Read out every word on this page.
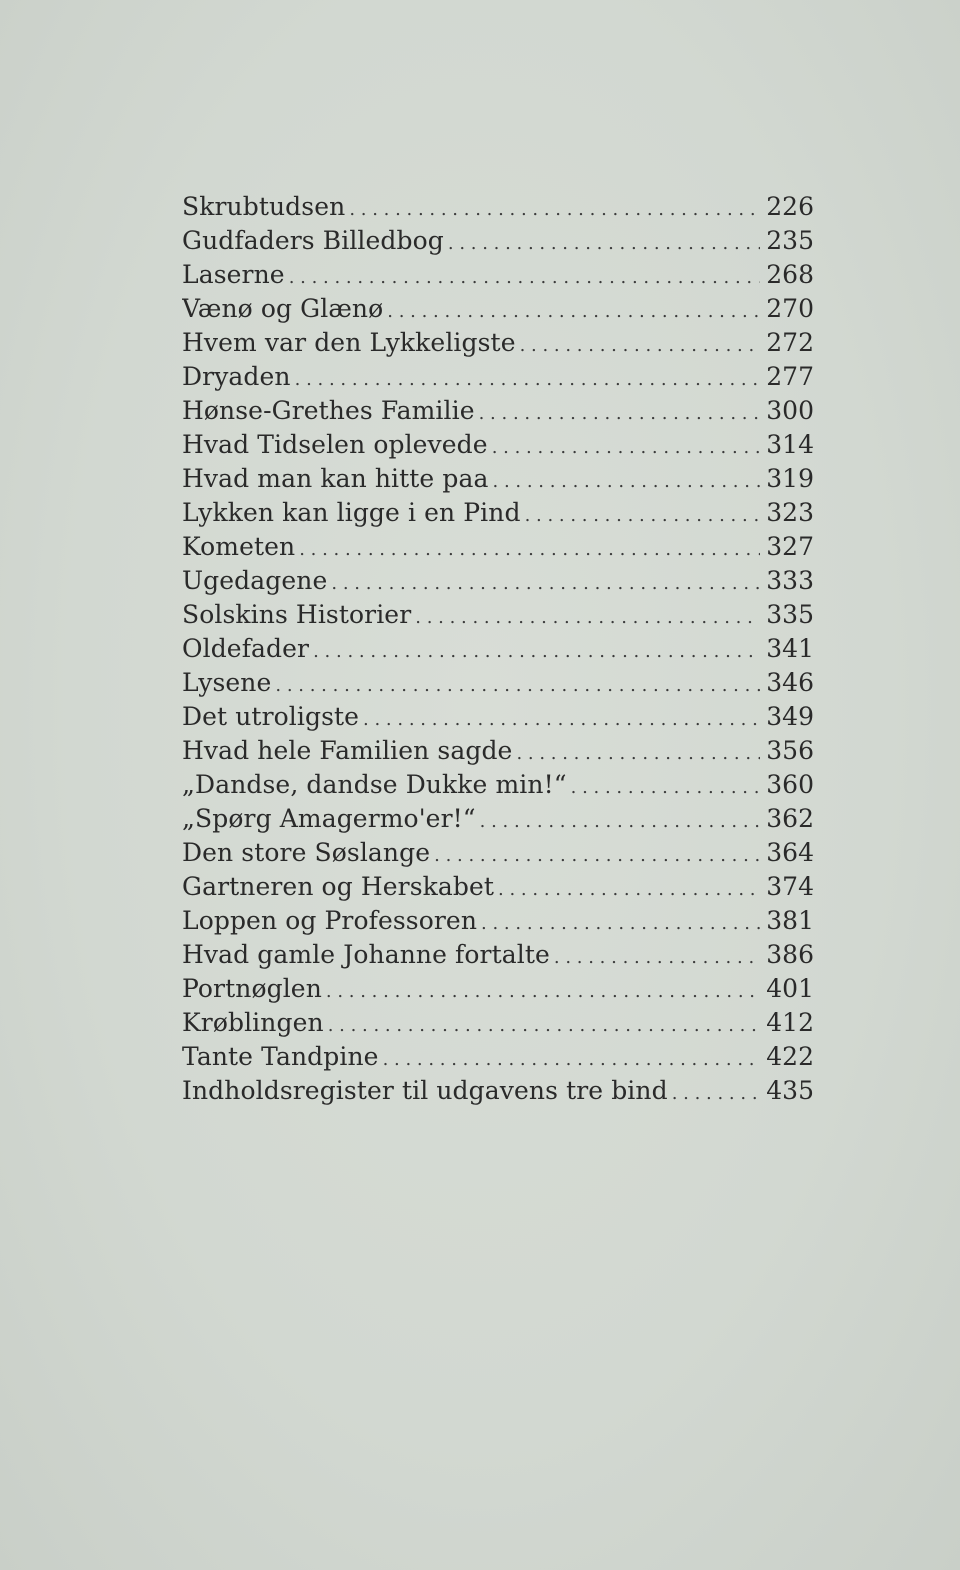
Skrubtudsen . . .	226
Gudfaders Billedbog . . .	235
Laserne . . .	268
Vænø og Glænø . . .	270
Hvem var den Lykkeligste . . .	272
Dryaden . . .	277
Hønse-Grethes Familie . . .	300
Hvad Tidselen oplevede . . .	314
Hvad man kan hitte paa . . .	319
Lykken kan ligge i en Pind . . .	323
Kometen . . .	327
Ugedagene . . .	333
Solskins Historier . . .	335
Oldefader . . .	341
Lysene . . .	346
Det utroligste . . .	349
Hvad hele Familien sagde . . .	356
„Dandse, dandse Dukke min!“ . . .	360
„Spørg Amagermo'er!“ . . .	362
Den store Søslange . . .	364
Gartneren og Herskabet . . .	374
Loppen og Professoren . . .	381
Hvad gamle Johanne fortalte . . .	386
Portnøglen . . .	401
Krøblingen . . .	412
Tante Tandpine . . .	422
Indholdsregister til udgavens tre bind . . .	435
